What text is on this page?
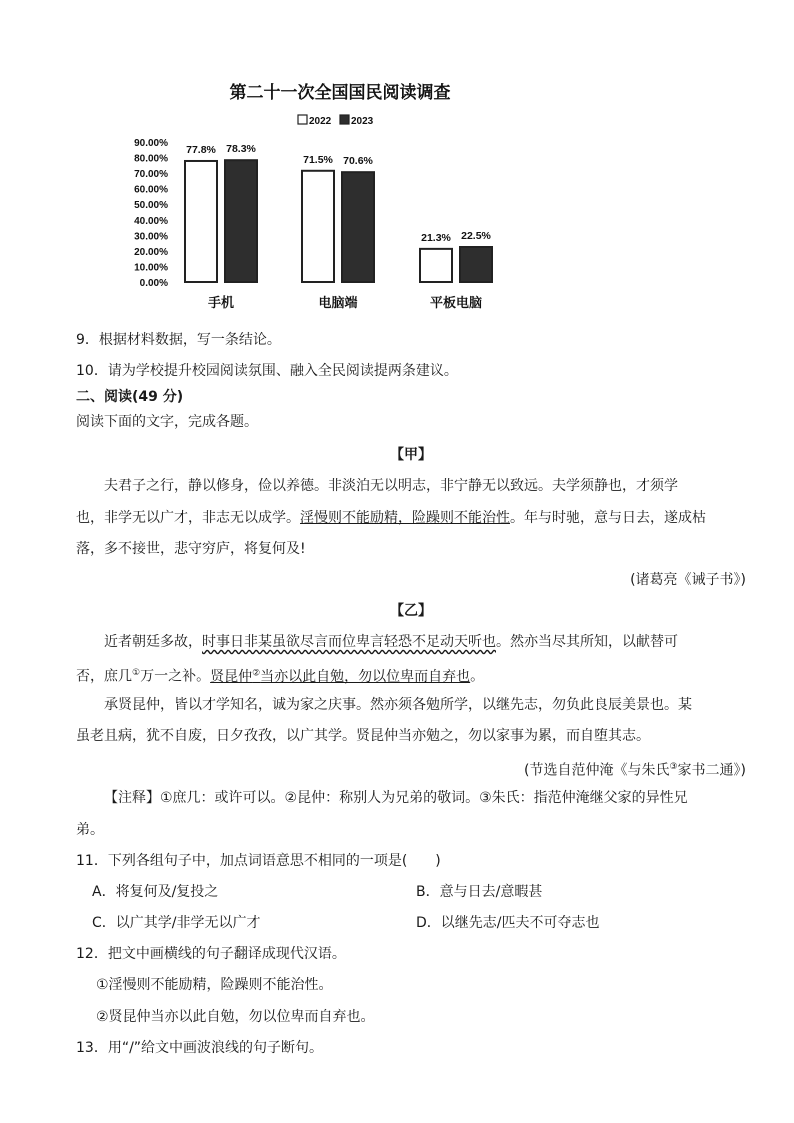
第二十一次全国国民阅读调查
2022 2023
0.00%
10.00%
20.00%
30.00%
40.00%
50.00%
60.00%
70.00%
80.00%
90.00%
77.8% 78.3%
手机
71.5% 70.6%
电脑端
21.3% 22.5%
平板电脑
9．根据材料数据，写一条结论。
10．请为学校提升校园阅读氛围、融入全民阅读提两条建议。
二、阅读(49 分)
阅读下面的文字，完成各题。
【甲】
夫君子之行，静以修身，俭以养德。非淡泊无以明志，非宁静无以致远。夫学须静也，才须学
也，非学无以广才，非志无以成学。淫慢则不能励精，险躁则不能治性。年与时驰，意与日去，遂成枯
落，多不接世，悲守穷庐，将复何及!
(诸葛亮《诫子书》)
【乙】
近者朝廷多故，时事日非某虽欲尽言而位卑言轻恐不足动天听也。然亦当尽其所知，以献替可
否，庶几①万一之补。贤昆仲②当亦以此自勉，勿以位卑而自弃也。
承贤昆仲，皆以才学知名，诚为家之庆事。然亦须各勉所学，以继先志，勿负此良辰美景也。某
虽老且病，犹不自废，日夕孜孜，以广其学。贤昆仲当亦勉之，勿以家事为累，而自堕其志。
(节选自范仲淹《与朱氏③家书二通》)
【注释】①庶几：或许可以。②昆仲：称别人为兄弟的敬词。③朱氏：指范仲淹继父家的异性兄
弟。
11．下列各组句子中，加点词语意思不相同的一项是(　　)
A．将复何及/复投之	B．意与日去/意暇甚
C．以广其学/非学无以广才	D．以继先志/匹夫不可夺志也
12．把文中画横线的句子翻译成现代汉语。
①淫慢则不能励精，险躁则不能治性。
②贤昆仲当亦以此自勉，勿以位卑而自弃也。
13．用“/”给文中画波浪线的句子断句。
